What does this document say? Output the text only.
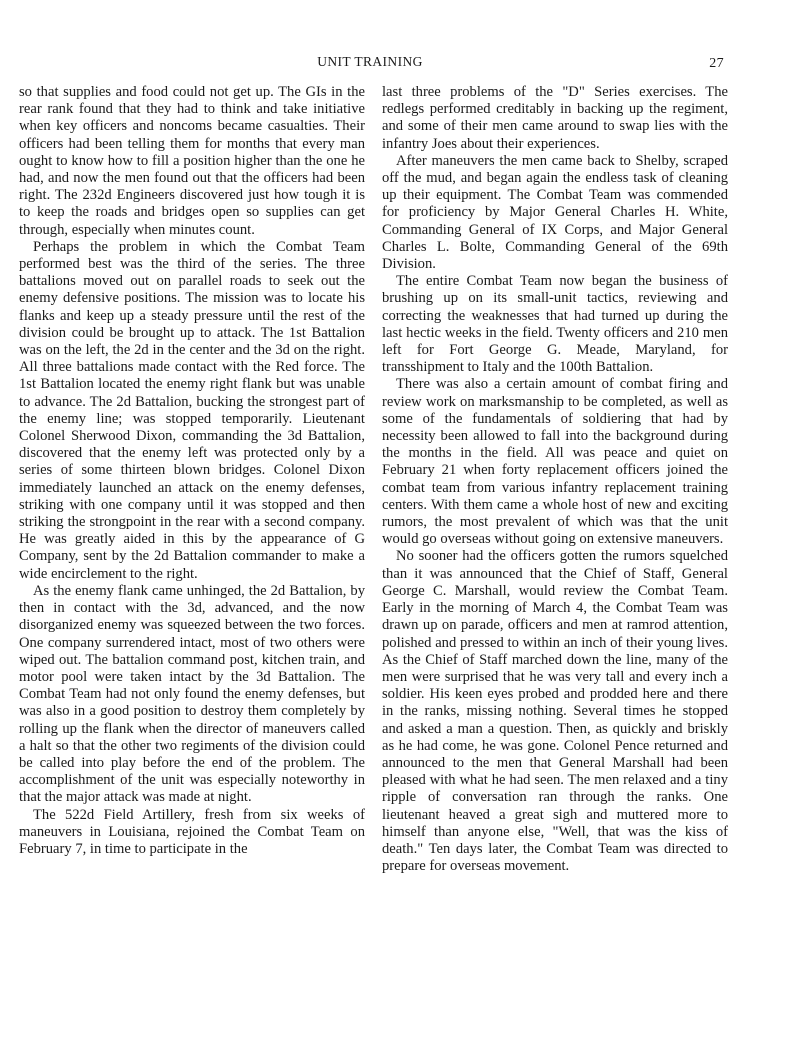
UNIT TRAINING	27

so that supplies and food could not get up. The GIs in the rear rank found that they had to think and take initiative when key officers and noncoms became casualties. Their officers had been telling them for months that every man ought to know how to fill a position higher than the one he had, and now the men found out that the officers had been right. The 232d Engineers discovered just how tough it is to keep the roads and bridges open so supplies can get through, especially when minutes count.

Perhaps the problem in which the Combat Team performed best was the third of the series. The three battalions moved out on parallel roads to seek out the enemy defensive positions. The mission was to locate his flanks and keep up a steady pressure until the rest of the division could be brought up to attack. The 1st Battalion was on the left, the 2d in the center and the 3d on the right. All three battalions made contact with the Red force. The 1st Battalion located the enemy right flank but was unable to advance. The 2d Battalion, bucking the strongest part of the enemy line; was stopped temporarily. Lieutenant Colonel Sherwood Dixon, commanding the 3d Battalion, discovered that the enemy left was protected only by a series of some thirteen blown bridges. Colonel Dixon immediately launched an attack on the enemy defenses, striking with one company until it was stopped and then striking the strongpoint in the rear with a second company. He was greatly aided in this by the appearance of G Company, sent by the 2d Battalion commander to make a wide encirclement to the right.

As the enemy flank came unhinged, the 2d Battalion, by then in contact with the 3d, advanced, and the now disorganized enemy was squeezed between the two forces. One company surrendered intact, most of two others were wiped out. The battalion command post, kitchen train, and motor pool were taken intact by the 3d Battalion. The Combat Team had not only found the enemy defenses, but was also in a good position to destroy them completely by rolling up the flank when the director of maneuvers called a halt so that the other two regiments of the division could be called into play before the end of the problem. The accomplishment of the unit was especially noteworthy in that the major attack was made at night.

The 522d Field Artillery, fresh from six weeks of maneuvers in Louisiana, rejoined the Combat Team on February 7, in time to participate in the

last three problems of the "D" Series exercises. The redlegs performed creditably in backing up the regiment, and some of their men came around to swap lies with the infantry Joes about their experiences.

After maneuvers the men came back to Shelby, scraped off the mud, and began again the endless task of cleaning up their equipment. The Combat Team was commended for proficiency by Major General Charles H. White, Commanding General of IX Corps, and Major General Charles L. Bolte, Commanding General of the 69th Division.

The entire Combat Team now began the business of brushing up on its small-unit tactics, reviewing and correcting the weaknesses that had turned up during the last hectic weeks in the field. Twenty officers and 210 men left for Fort George G. Meade, Maryland, for transshipment to Italy and the 100th Battalion.

There was also a certain amount of combat firing and review work on marksmanship to be completed, as well as some of the fundamentals of soldiering that had by necessity been allowed to fall into the background during the months in the field. All was peace and quiet on February 21 when forty replacement officers joined the combat team from various infantry replacement training centers. With them came a whole host of new and exciting rumors, the most prevalent of which was that the unit would go overseas without going on extensive maneuvers.

No sooner had the officers gotten the rumors squelched than it was announced that the Chief of Staff, General George C. Marshall, would review the Combat Team. Early in the morning of March 4, the Combat Team was drawn up on parade, officers and men at ramrod attention, polished and pressed to within an inch of their young lives. As the Chief of Staff marched down the line, many of the men were surprised that he was very tall and every inch a soldier. His keen eyes probed and prodded here and there in the ranks, missing nothing. Several times he stopped and asked a man a question. Then, as quickly and briskly as he had come, he was gone. Colonel Pence returned and announced to the men that General Marshall had been pleased with what he had seen. The men relaxed and a tiny ripple of conversation ran through the ranks. One lieutenant heaved a great sigh and muttered more to himself than anyone else, "Well, that was the kiss of death." Ten days later, the Combat Team was directed to prepare for overseas movement.
